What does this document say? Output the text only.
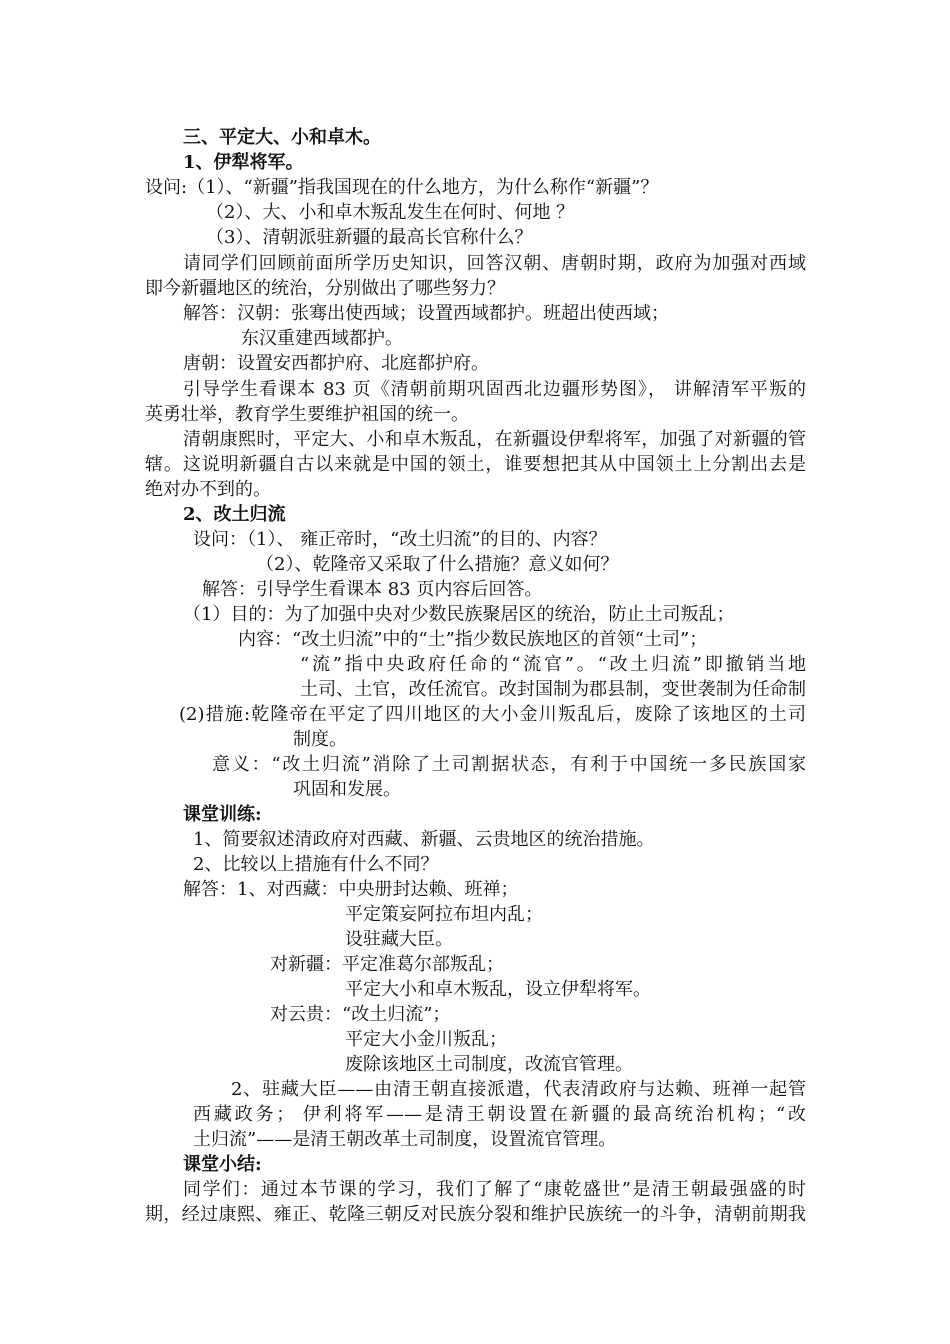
三、平定大、小和卓木。
1、伊犁将军。
设问:（1）、“新疆”指我国现在的什么地方，为什么称作“新疆”？
（2）、大、小和卓木叛乱发生在何时、何地 ？
（3）、清朝派驻新疆的最高长官称什么？
请同学们回顾前面所学历史知识，回答汉朝、唐朝时期，政府为加强对西域
即今新疆地区的统治，分别做出了哪些努力？
解答：汉朝：张骞出使西域；设置西域都护。班超出使西域；
东汉重建西域都护。
唐朝：设置安西都护府、北庭都护府。
引导学生看课本 83 页《清朝前期巩固西北边疆形势图》， 讲解清军平叛的
英勇壮举，教育学生要维护祖国的统一。
清朝康熙时，平定大、小和卓木叛乱，在新疆设伊犁将军，加强了对新疆的管
辖。这说明新疆自古以来就是中国的领土，谁要想把其从中国领土上分割出去是
绝对办不到的。
2、改土归流
设问：（1）、 雍正帝时，“改土归流”的目的、内容？
（2）、乾隆帝又采取了什么措施？意义如何？
解答：引导学生看课本 83 页内容后回答。
（1）目的：为了加强中央对少数民族聚居区的统治，防止土司叛乱；
内容：“改土归流”中的“土”指少数民族地区的首领“土司”；
“流”指中央政府任命的“流官”。“改土归流”即撤销当地
土司、土官，改任流官。改封国制为郡县制，变世袭制为任命制
(2)措施:乾隆帝在平定了四川地区的大小金川叛乱后，废除了该地区的土司
制度。
意义：“改土归流”消除了土司割据状态，有利于中国统一多民族国家
巩固和发展。
课堂训练:
1、简要叙述清政府对西藏、新疆、云贵地区的统治措施。
2、比较以上措施有什么不同？
解答：1、对西藏：中央册封达赖、班禅；
平定策妄阿拉布坦内乱；
设驻藏大臣。
对新疆：平定准葛尔部叛乱；
平定大小和卓木叛乱，设立伊犁将军。
对云贵：“改土归流”；
平定大小金川叛乱；
废除该地区土司制度，改流官管理。
2、驻藏大臣——由清王朝直接派遣，代表清政府与达赖、班禅一起管
西藏政务； 伊利将军——是清王朝设置在新疆的最高统治机构；“改
土归流”——是清王朝改革土司制度，设置流官管理。
课堂小结:
同学们：通过本节课的学习，我们了解了“康乾盛世”是清王朝最强盛的时
期，经过康熙、雍正、乾隆三朝反对民族分裂和维护民族统一的斗争，清朝前期我
